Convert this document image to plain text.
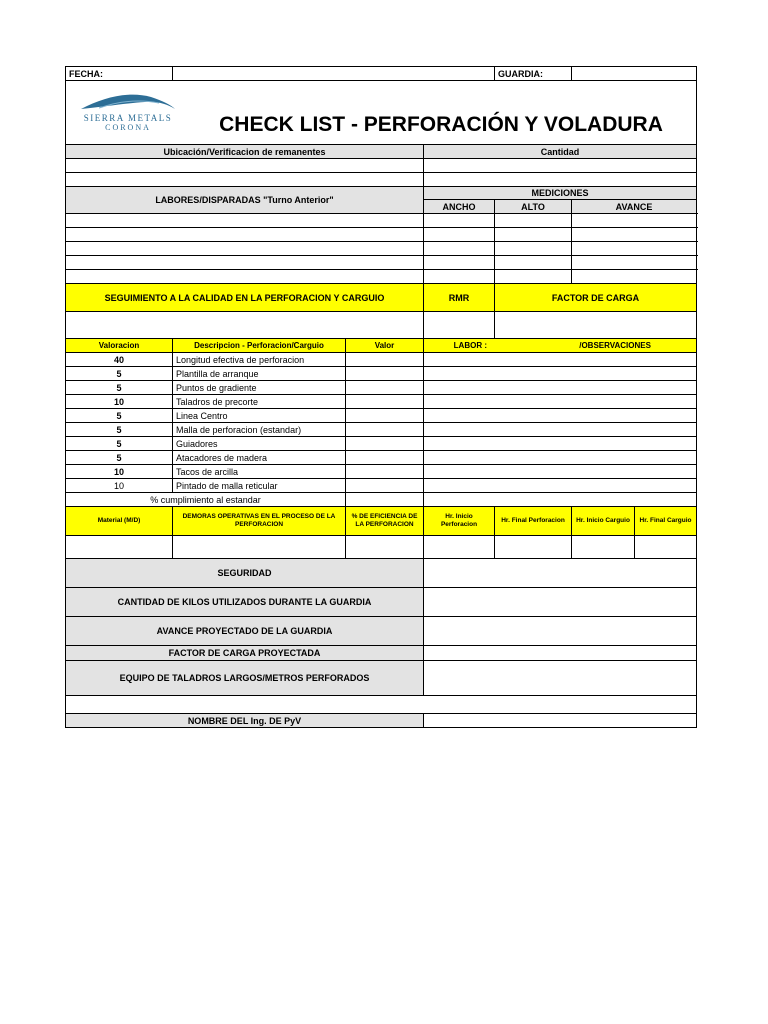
FECHA:				GUARDIA:		

SIERRA METALS
CORONA CHECK LIST - PERFORACIÓN Y VOLADURA						

Ubicación/Verificacion de remanentes			Cantidad			

LABORES/DISPARADAS "Turno Anterior"			MEDICIONES			
			ANCHO	ALTO	AVANCE	

SEGUIMIENTO A LA CALIDAD EN LA PERFORACION Y CARGUIO			RMR	FACTOR DE CARGA		

Valoracion	Descripcion - Perforacion/Carguio	Valor	LABOR : /OBSERVACIONES			
40	Longitud efectiva de perforacion					
5	Plantilla de arranque					
5	Puntos de gradiente					
10	Taladros de precorte					
5	Linea Centro					
5	Malla de perforacion (estandar)					
5	Guiadores					
5	Atacadores de madera					
10	Tacos de arcilla					
10	Pintado de malla reticular					
% cumplimiento al estandar						
Material (M/D)	DEMORAS OPERATIVAS EN EL PROCESO DE LA PERFORACION	% DE EFICIENCIA DE LA PERFORACION	Hr. Inicio Perforacion	Hr. Final Perforacion	Hr. Inicio Carguio	Hr. Final Carguio

SEGURIDAD						
CANTIDAD DE KILOS UTILIZADOS DURANTE LA GUARDIA						
AVANCE PROYECTADO DE LA GUARDIA						
FACTOR DE CARGA PROYECTADA						
EQUIPO DE TALADROS LARGOS/METROS PERFORADOS						

NOMBRE DEL Ing. DE PyV						
